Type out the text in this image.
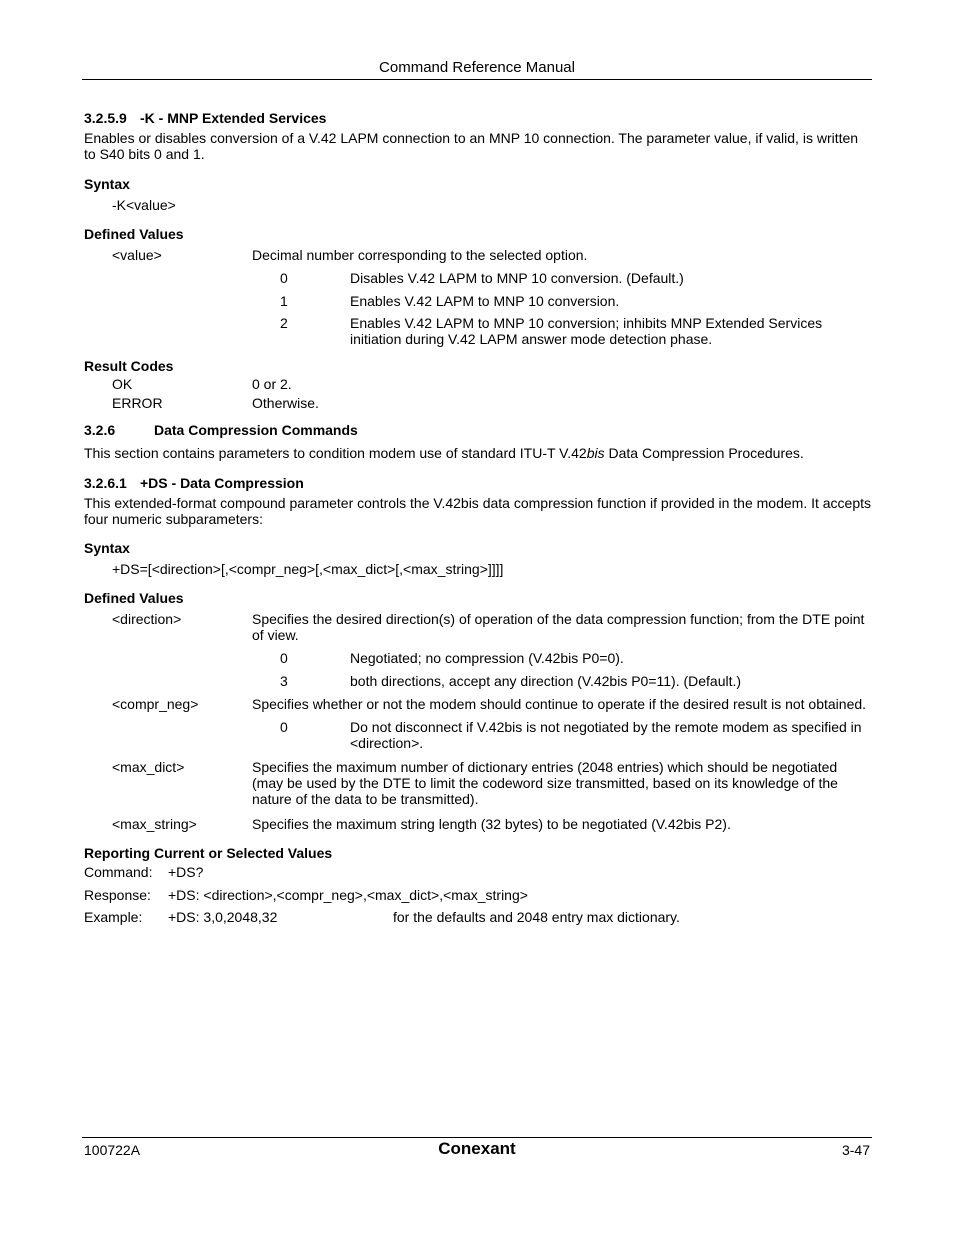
Command Reference Manual

3.2.5.9 -K - MNP Extended Services

Enables or disables conversion of a V.42 LAPM connection to an MNP 10 connection. The parameter value, if valid, is written to S40 bits 0 and 1.

Syntax

-K<value>

Defined Values

<value>	Decimal number corresponding to the selected option.
0	Disables V.42 LAPM to MNP 10 conversion. (Default.)
1	Enables V.42 LAPM to MNP 10 conversion.
2	Enables V.42 LAPM to MNP 10 conversion; inhibits MNP Extended Services initiation during V.42 LAPM answer mode detection phase.

Result Codes

OK	0 or 2.
ERROR	Otherwise.

3.2.6	Data Compression Commands

This section contains parameters to condition modem use of standard ITU-T V.42bis Data Compression Procedures.

3.2.6.1 +DS - Data Compression

This extended-format compound parameter controls the V.42bis data compression function if provided in the modem. It accepts four numeric subparameters:

Syntax

+DS=[<direction>[,<compr_neg>[,<max_dict>[,<max_string>]]]]

Defined Values

<direction>	Specifies the desired direction(s) of operation of the data compression function; from the DTE point of view.
0	Negotiated; no compression (V.42bis P0=0).
3	both directions, accept any direction (V.42bis P0=11). (Default.)
<compr_neg>	Specifies whether or not the modem should continue to operate if the desired result is not obtained.
0	Do not disconnect if V.42bis is not negotiated by the remote modem as specified in <direction>.
<max_dict>	Specifies the maximum number of dictionary entries (2048 entries) which should be negotiated (may be used by the DTE to limit the codeword size transmitted, based on its knowledge of the nature of the data to be transmitted).
<max_string>	Specifies the maximum string length (32 bytes) to be negotiated (V.42bis P2).

Reporting Current or Selected Values

Command:	+DS?
Response:	+DS: <direction>,<compr_neg>,<max_dict>,<max_string>
Example:	+DS: 3,0,2048,32	for the defaults and 2048 entry max dictionary.
100722A	Conexant	3-47
